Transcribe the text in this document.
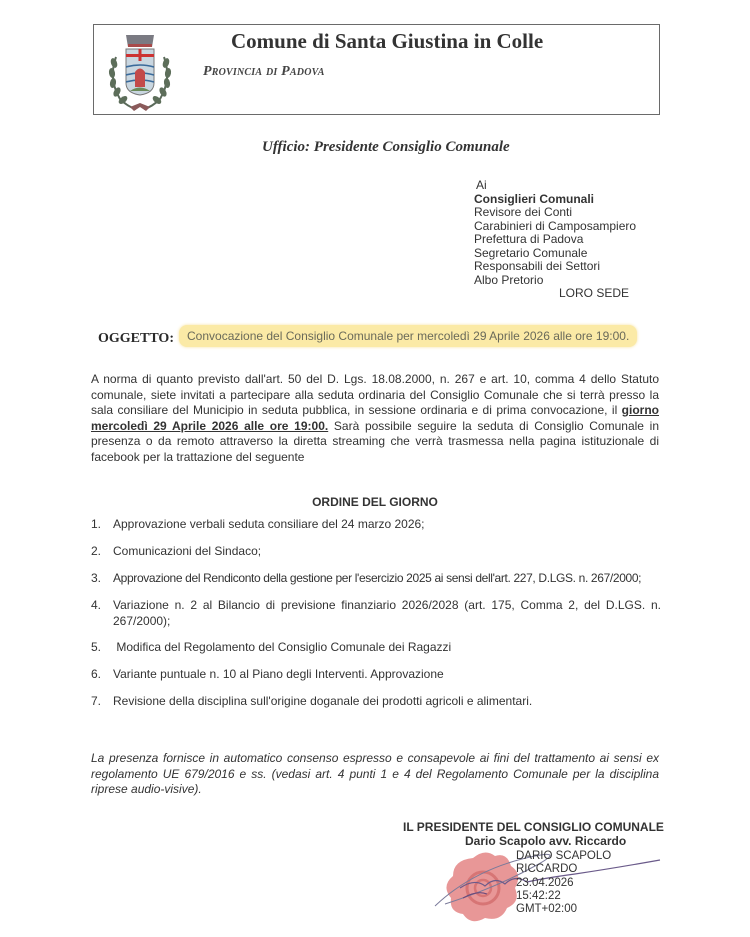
Comune di Santa Giustina in Colle
Provincia di Padova
Ufficio: Presidente Consiglio Comunale
Ai
Consiglieri Comunali
Revisore dei Conti
Carabinieri di Camposampiero
Prefettura di Padova
Segretario Comunale
Responsabili dei Settori
Albo Pretorio
LORO SEDE
OGGETTO:	Convocazione del Consiglio Comunale per mercoledì 29 Aprile 2026 alle ore 19:00.
A norma di quanto previsto dall'art. 50 del D. Lgs. 18.08.2000, n. 267 e art. 10, comma 4 dello Statuto comunale, siete invitati a partecipare alla seduta ordinaria del Consiglio Comunale che si terrà presso la sala consiliare del Municipio in seduta pubblica, in sessione ordinaria e di prima convocazione, il giorno mercoledì 29 Aprile 2026 alle ore 19:00. Sarà possibile seguire la seduta di Consiglio Comunale in presenza o da remoto attraverso la diretta streaming che verrà trasmessa nella pagina istituzionale di facebook per la trattazione del seguente
ORDINE DEL GIORNO
1. Approvazione verbali seduta consiliare del 24 marzo 2026;
2. Comunicazioni del Sindaco;
3. Approvazione del Rendiconto della gestione per l'esercizio 2025 ai sensi dell'art. 227, D.LGS. n. 267/2000;
4. Variazione n. 2 al Bilancio di previsione finanziario 2026/2028 (art. 175, Comma 2, del D.LGS. n. 267/2000);
5. Modifica del Regolamento del Consiglio Comunale dei Ragazzi
6. Variante puntuale n. 10 al Piano degli Interventi. Approvazione
7. Revisione della disciplina sull'origine doganale dei prodotti agricoli e alimentari.
La presenza fornisce in automatico consenso espresso e consapevole ai fini del trattamento ai sensi ex regolamento UE 679/2016 e ss. (vedasi art. 4 punti 1 e 4 del Regolamento Comunale per la disciplina riprese audio-visive).
IL PRESIDENTE DEL CONSIGLIO COMUNALE
Dario Scapolo avv. Riccardo
DARIO SCAPOLO
RICCARDO
23.04.2026
15:42:22
GMT+02:00
